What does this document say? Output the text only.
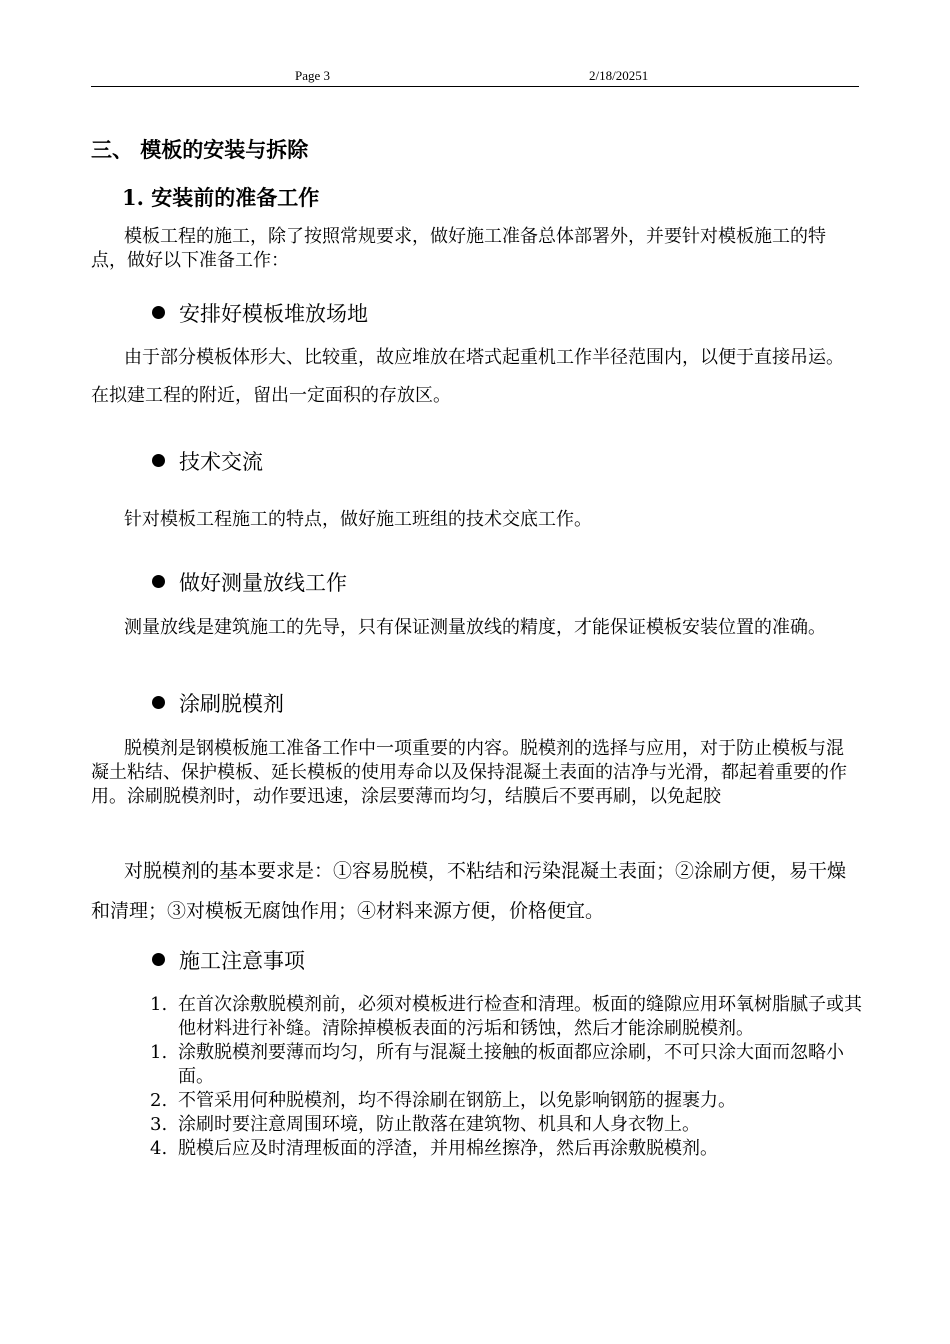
Page 3	2/18/20251
三、 模板的安装与拆除
1. 安装前的准备工作

模板工程的施工，除了按照常规要求，做好施工准备总体部署外，并要针对模板施工的特点，做好以下准备工作：

安排好模板堆放场地

由于部分模板体形大、比较重，故应堆放在塔式起重机工作半径范围内，以便于直接吊运。在拟建工程的附近，留出一定面积的存放区。

技术交流

针对模板工程施工的特点，做好施工班组的技术交底工作。

做好测量放线工作

测量放线是建筑施工的先导，只有保证测量放线的精度，才能保证模板安装位置的准确。

涂刷脱模剂

脱模剂是钢模板施工准备工作中一项重要的内容。脱模剂的选择与应用，对于防止模板与混凝土粘结、保护模板、延长模板的使用寿命以及保持混凝土表面的洁净与光滑，都起着重要的作用。涂刷脱模剂时，动作要迅速，涂层要薄而均匀，结膜后不要再刷，以免起胶

对脱模剂的基本要求是：①容易脱模，不粘结和污染混凝土表面；②涂刷方便，易干燥和清理；③对模板无腐蚀作用；④材料来源方便，价格便宜。

施工注意事项

1. 在首次涂敷脱模剂前，必须对模板进行检查和清理。板面的缝隙应用环氧树脂腻子或其他材料进行补缝。清除掉模板表面的污垢和锈蚀，然后才能涂刷脱模剂。
1. 涂敷脱模剂要薄而均匀，所有与混凝土接触的板面都应涂刷，不可只涂大面而忽略小面。
2. 不管采用何种脱模剂，均不得涂刷在钢筋上，以免影响钢筋的握裹力。
3. 涂刷时要注意周围环境，防止散落在建筑物、机具和人身衣物上。
4. 脱模后应及时清理板面的浮渣，并用棉丝擦净，然后再涂敷脱模剂。
